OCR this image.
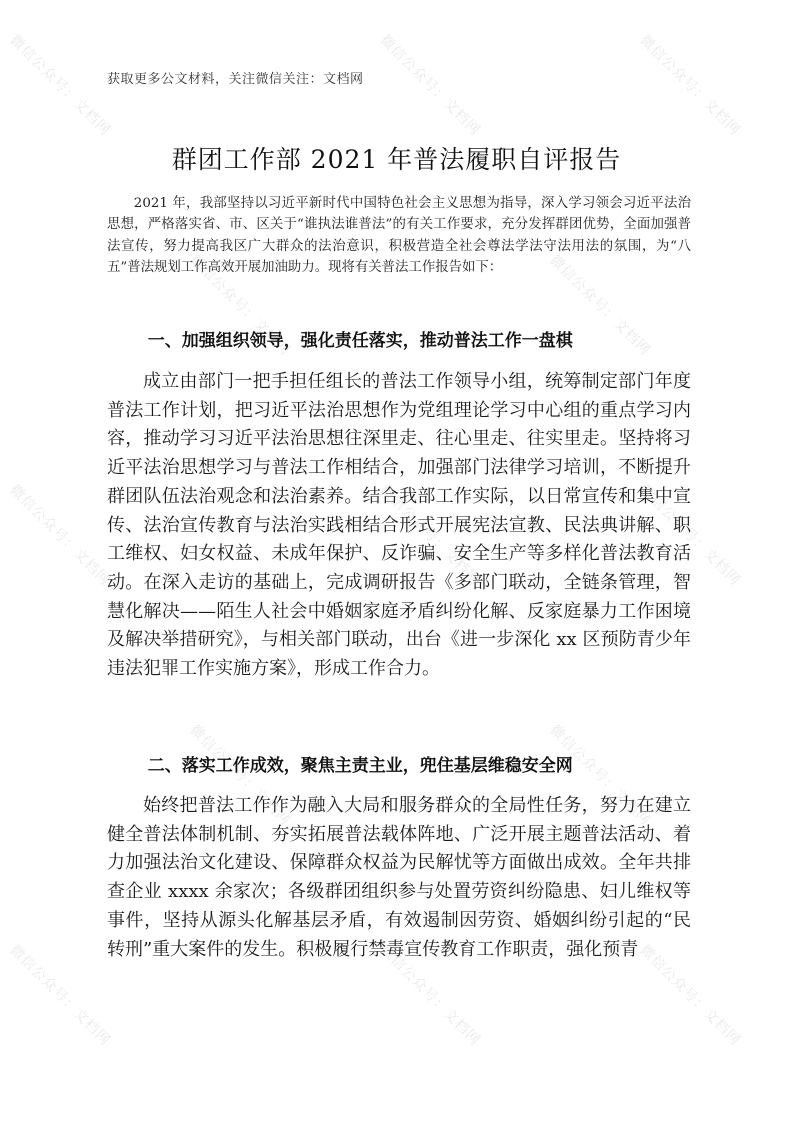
微信公众号：文档网	微信公众号：文档网	微信公众号：文档网
微信公众号：文档网	微信公众号：文档网
微信公众号：文档网	微信公众号：文档网	微信公众号：文档网
微信公众号：文档网	微信公众号：文档网
微信公众号：文档网	微信公众号：文档网	微信公众号：文档网
获取更多公文材料，关注微信关注：文档网
群团工作部 2021 年普法履职自评报告
2021 年，我部坚持以习近平新时代中国特色社会主义思想为指导，深入学习领会习近平法治思想，严格落实省、市、区关于“谁执法谁普法”的有关工作要求，充分发挥群团优势，全面加强普法宣传，努力提高我区广大群众的法治意识，积极营造全社会尊法学法守法用法的氛围，为“八五”普法规划工作高效开展加油助力。现将有关普法工作报告如下：
一、加强组织领导，强化责任落实，推动普法工作一盘棋
成立由部门一把手担任组长的普法工作领导小组，统筹制定部门年度普法工作计划，把习近平法治思想作为党组理论学习中心组的重点学习内容，推动学习习近平法治思想往深里走、往心里走、往实里走。坚持将习近平法治思想学习与普法工作相结合，加强部门法律学习培训，不断提升群团队伍法治观念和法治素养。结合我部工作实际，以日常宣传和集中宣传、法治宣传教育与法治实践相结合形式开展宪法宣教、民法典讲解、职工维权、妇女权益、未成年保护、反诈骗、安全生产等多样化普法教育活动。在深入走访的基础上，完成调研报告《多部门联动，全链条管理，智慧化解决——陌生人社会中婚姻家庭矛盾纠纷化解、反家庭暴力工作困境及解决举措研究》，与相关部门联动，出台《进一步深化 xx 区预防青少年违法犯罪工作实施方案》，形成工作合力。
二、落实工作成效，聚焦主责主业，兜住基层维稳安全网
始终把普法工作作为融入大局和服务群众的全局性任务，努力在建立健全普法体制机制、夯实拓展普法载体阵地、广泛开展主题普法活动、着力加强法治文化建设、保障群众权益为民解忧等方面做出成效。全年共排查企业 xxxx 余家次；各级群团组织参与处置劳资纠纷隐患、妇儿维权等事件，坚持从源头化解基层矛盾，有效遏制因劳资、婚姻纠纷引起的“民转刑”重大案件的发生。积极履行禁毒宣传教育工作职责，强化预青
